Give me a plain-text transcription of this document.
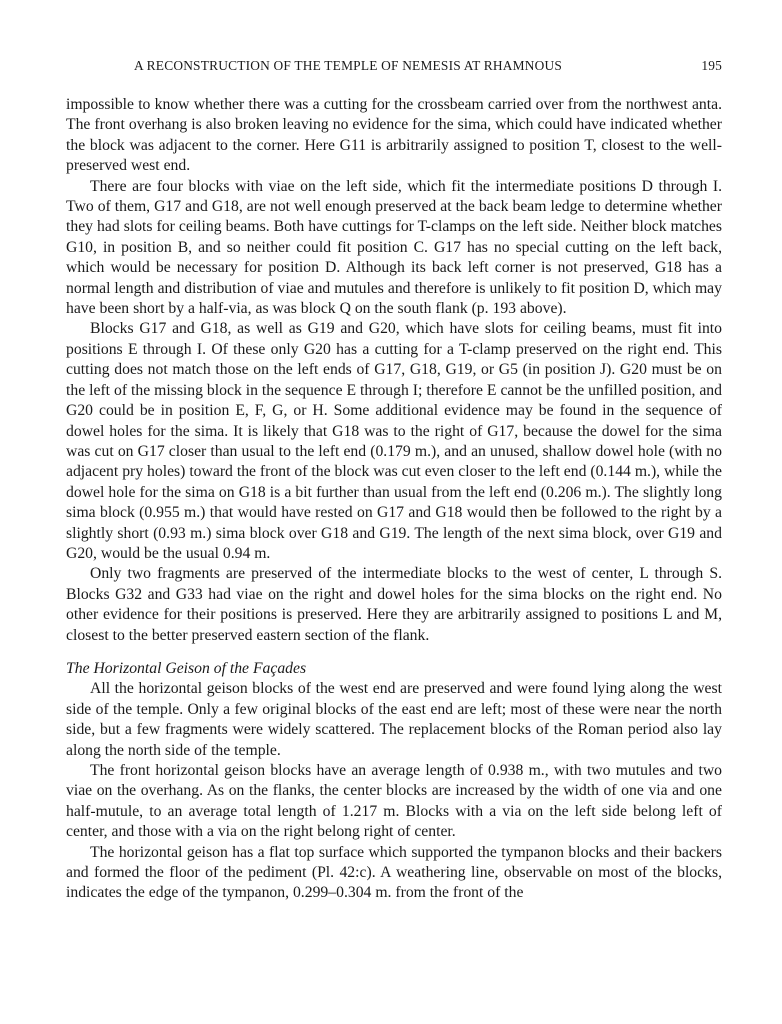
A RECONSTRUCTION OF THE TEMPLE OF NEMESIS AT RHAMNOUS	195

impossible to know whether there was a cutting for the crossbeam carried over from the northwest anta. The front overhang is also broken leaving no evidence for the sima, which could have indicated whether the block was adjacent to the corner. Here G11 is arbitrarily assigned to position T, closest to the well-preserved west end.

There are four blocks with viae on the left side, which fit the intermediate positions D through I. Two of them, G17 and G18, are not well enough preserved at the back beam ledge to determine whether they had slots for ceiling beams. Both have cuttings for T-clamps on the left side. Neither block matches G10, in position B, and so neither could fit position C. G17 has no special cutting on the left back, which would be necessary for position D. Although its back left corner is not preserved, G18 has a normal length and distribution of viae and mutules and therefore is unlikely to fit position D, which may have been short by a half-via, as was block Q on the south flank (p. 193 above).

Blocks G17 and G18, as well as G19 and G20, which have slots for ceiling beams, must fit into positions E through I. Of these only G20 has a cutting for a T-clamp preserved on the right end. This cutting does not match those on the left ends of G17, G18, G19, or G5 (in position J). G20 must be on the left of the missing block in the sequence E through I; therefore E cannot be the unfilled position, and G20 could be in position E, F, G, or H. Some additional evidence may be found in the sequence of dowel holes for the sima. It is likely that G18 was to the right of G17, because the dowel for the sima was cut on G17 closer than usual to the left end (0.179 m.), and an unused, shallow dowel hole (with no adjacent pry holes) toward the front of the block was cut even closer to the left end (0.144 m.), while the dowel hole for the sima on G18 is a bit further than usual from the left end (0.206 m.). The slightly long sima block (0.955 m.) that would have rested on G17 and G18 would then be followed to the right by a slightly short (0.93 m.) sima block over G18 and G19. The length of the next sima block, over G19 and G20, would be the usual 0.94 m.

Only two fragments are preserved of the intermediate blocks to the west of center, L through S. Blocks G32 and G33 had viae on the right and dowel holes for the sima blocks on the right end. No other evidence for their positions is preserved. Here they are arbitrarily assigned to positions L and M, closest to the better preserved eastern section of the flank.

The Horizontal Geison of the Façades

All the horizontal geison blocks of the west end are preserved and were found lying along the west side of the temple. Only a few original blocks of the east end are left; most of these were near the north side, but a few fragments were widely scattered. The replacement blocks of the Roman period also lay along the north side of the temple.

The front horizontal geison blocks have an average length of 0.938 m., with two mutules and two viae on the overhang. As on the flanks, the center blocks are increased by the width of one via and one half-mutule, to an average total length of 1.217 m. Blocks with a via on the left side belong left of center, and those with a via on the right belong right of center.

The horizontal geison has a flat top surface which supported the tympanon blocks and their backers and formed the floor of the pediment (Pl. 42:c). A weathering line, observable on most of the blocks, indicates the edge of the tympanon, 0.299–0.304 m. from the front of the
